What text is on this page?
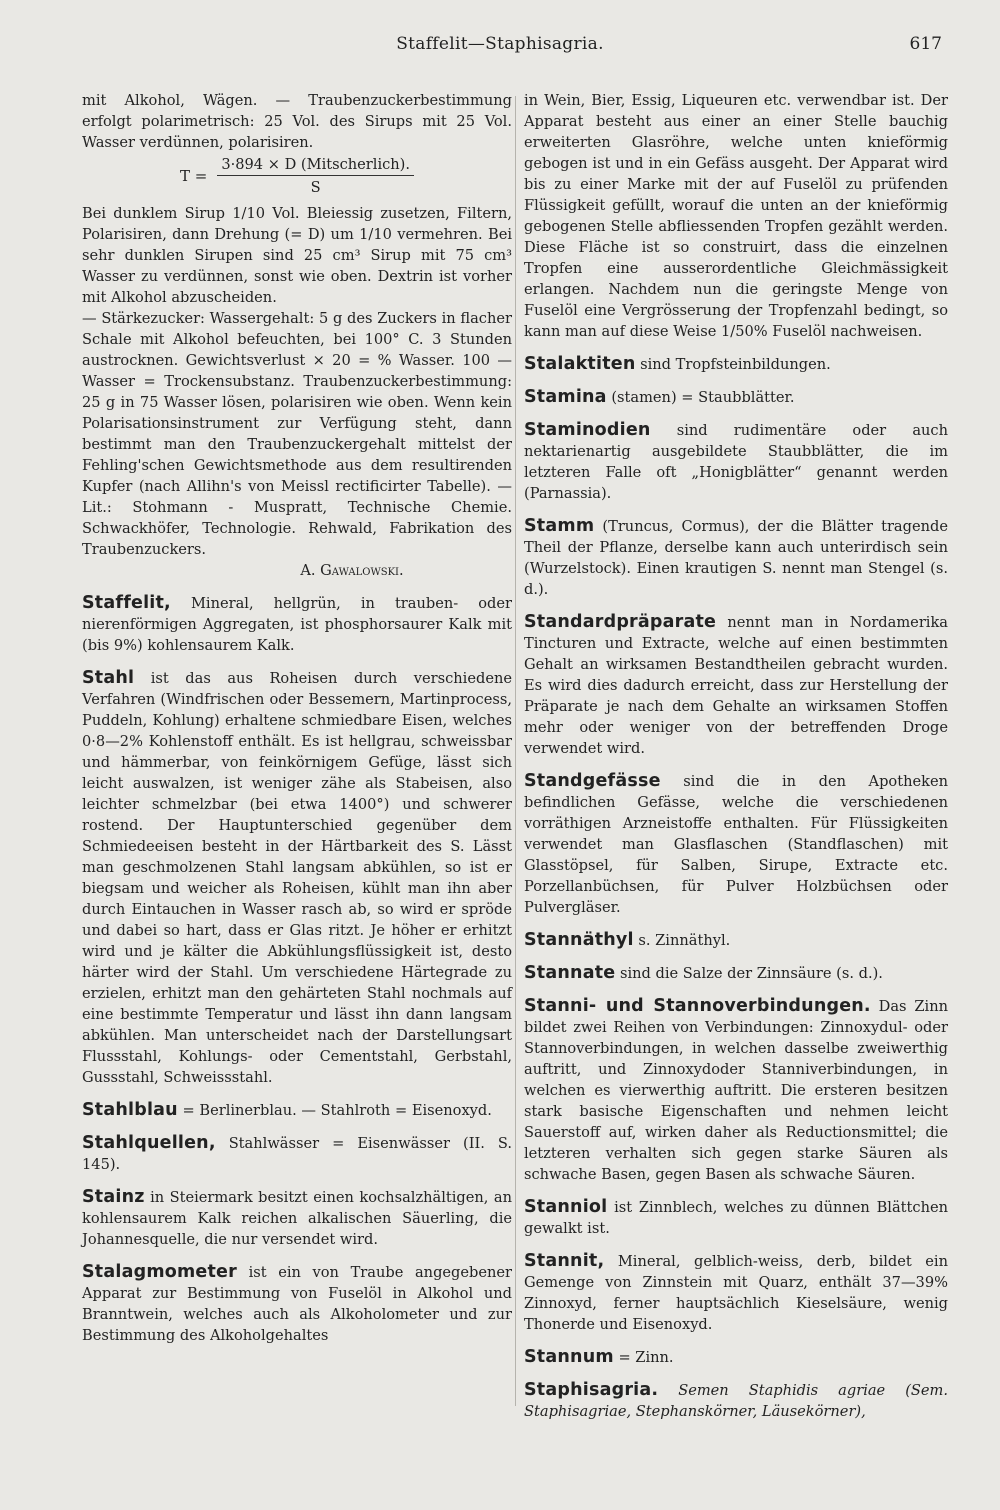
Staffelit—Staphisagria.	617

mit Alkohol, Wägen. — Traubenzuckerbestimmung erfolgt polarimetrisch: 25 Vol. des Sirups mit 25 Vol. Wasser verdünnen, polarisiren.

$T = \frac{\text{3·894 × D (Mitscherlich).}}{S}$

Bei dunklem Sirup 1/10 Vol. Bleiessig zusetzen, Filtern, Polarisiren, dann Drehung (= D) um 1/10 vermehren. Bei sehr dunklen Sirupen sind 25 cm³ Sirup mit 75 cm³ Wasser zu verdünnen, sonst wie oben. Dextrin ist vorher mit Alkohol abzuscheiden.

— Stärkezucker: Wassergehalt: 5 g des Zuckers in flacher Schale mit Alkohol befeuchten, bei 100° C. 3 Stunden austrocknen. Gewichtsverlust × 20 = % Wasser. 100 — Wasser = Trockensubstanz. Traubenzuckerbestimmung: 25 g in 75 Wasser lösen, polarisiren wie oben. Wenn kein Polarisationsinstrument zur Verfügung steht, dann bestimmt man den Traubenzuckergehalt mittelst der Fehling'schen Gewichtsmethode aus dem resultirenden Kupfer (nach Allihn's von Meissl rectificirter Tabelle). — Lit.: Stohmann - Muspratt, Technische Chemie. Schwackhöfer, Technologie. Rehwald, Fabrikation des Traubenzuckers.

A. Gawalowski.

Staffelit, Mineral, hellgrün, in trauben- oder nierenförmigen Aggregaten, ist phosphorsaurer Kalk mit (bis 9%) kohlensaurem Kalk.

Stahl ist das aus Roheisen durch verschiedene Verfahren (Windfrischen oder Bessemern, Martinprocess, Puddeln, Kohlung) erhaltene schmiedbare Eisen, welches 0·8—2% Kohlenstoff enthält. Es ist hellgrau, schweissbar und hämmerbar, von feinkörnigem Gefüge, lässt sich leicht auswalzen, ist weniger zähe als Stabeisen, also leichter schmelzbar (bei etwa 1400°) und schwerer rostend. Der Hauptunterschied gegenüber dem Schmiedeeisen besteht in der Härtbarkeit des S. Lässt man geschmolzenen Stahl langsam abkühlen, so ist er biegsam und weicher als Roheisen, kühlt man ihn aber durch Eintauchen in Wasser rasch ab, so wird er spröde und dabei so hart, dass er Glas ritzt. Je höher er erhitzt wird und je kälter die Abkühlungsflüssigkeit ist, desto härter wird der Stahl. Um verschiedene Härtegrade zu erzielen, erhitzt man den gehärteten Stahl nochmals auf eine bestimmte Temperatur und lässt ihn dann langsam abkühlen. Man unterscheidet nach der Darstellungsart Flussstahl, Kohlungs- oder Cementstahl, Gerbstahl, Gussstahl, Schweissstahl.

Stahlblau = Berlinerblau. — Stahlroth = Eisenoxyd.

Stahlquellen, Stahlwässer = Eisenwässer (II. S. 145).

Stainz in Steiermark besitzt einen kochsalzhältigen, an kohlensaurem Kalk reichen alkalischen Säuerling, die Johannesquelle, die nur versendet wird.

Stalagmometer ist ein von Traube angegebener Apparat zur Bestimmung von Fuselöl in Alkohol und Branntwein, welches auch als Alkoholometer und zur Bestimmung des Alkoholgehaltes

in Wein, Bier, Essig, Liqueuren etc. verwendbar ist. Der Apparat besteht aus einer an einer Stelle bauchig erweiterten Glasröhre, welche unten knieförmig gebogen ist und in ein Gefäss ausgeht. Der Apparat wird bis zu einer Marke mit der auf Fuselöl zu prüfenden Flüssigkeit gefüllt, worauf die unten an der knieförmig gebogenen Stelle abfliessenden Tropfen gezählt werden. Diese Fläche ist so construirt, dass die einzelnen Tropfen eine ausserordentliche Gleichmässigkeit erlangen. Nachdem nun die geringste Menge von Fuselöl eine Vergrösserung der Tropfenzahl bedingt, so kann man auf diese Weise 1/50% Fuselöl nachweisen.

Stalaktiten sind Tropfsteinbildungen.

Stamina (stamen) = Staubblätter.

Staminodien sind rudimentäre oder auch nektarienartig ausgebildete Staubblätter, die im letzteren Falle oft „Honigblätter“ genannt werden (Parnassia).

Stamm (Truncus, Cormus), der die Blätter tragende Theil der Pflanze, derselbe kann auch unterirdisch sein (Wurzelstock). Einen krautigen S. nennt man Stengel (s. d.).

Standardpräparate nennt man in Nordamerika Tincturen und Extracte, welche auf einen bestimmten Gehalt an wirksamen Bestandtheilen gebracht wurden. Es wird dies dadurch erreicht, dass zur Herstellung der Präparate je nach dem Gehalte an wirksamen Stoffen mehr oder weniger von der betreffenden Droge verwendet wird.

Standgefässe sind die in den Apotheken befindlichen Gefässe, welche die verschiedenen vorräthigen Arzneistoffe enthalten. Für Flüssigkeiten verwendet man Glasflaschen (Standflaschen) mit Glasstöpsel, für Salben, Sirupe, Extracte etc. Porzellanbüchsen, für Pulver Holzbüchsen oder Pulvergläser.

Stannäthyl s. Zinnäthyl.

Stannate sind die Salze der Zinnsäure (s. d.).

Stanni- und Stannoverbindungen. Das Zinn bildet zwei Reihen von Verbindungen: Zinnoxydul- oder Stannoverbindungen, in welchen dasselbe zweiwerthig auftritt, und Zinnoxydoder Stanniverbindungen, in welchen es vierwerthig auftritt. Die ersteren besitzen stark basische Eigenschaften und nehmen leicht Sauerstoff auf, wirken daher als Reductionsmittel; die letzteren verhalten sich gegen starke Säuren als schwache Basen, gegen Basen als schwache Säuren.

Stanniol ist Zinnblech, welches zu dünnen Blättchen gewalkt ist.

Stannit, Mineral, gelblich-weiss, derb, bildet ein Gemenge von Zinnstein mit Quarz, enthält 37—39% Zinnoxyd, ferner hauptsächlich Kieselsäure, wenig Thonerde und Eisenoxyd.

Stannum = Zinn.

Staphisagria. Semen Staphidis agriae (Sem. Staphisagriae, Stephanskörner, Läusekörner),
